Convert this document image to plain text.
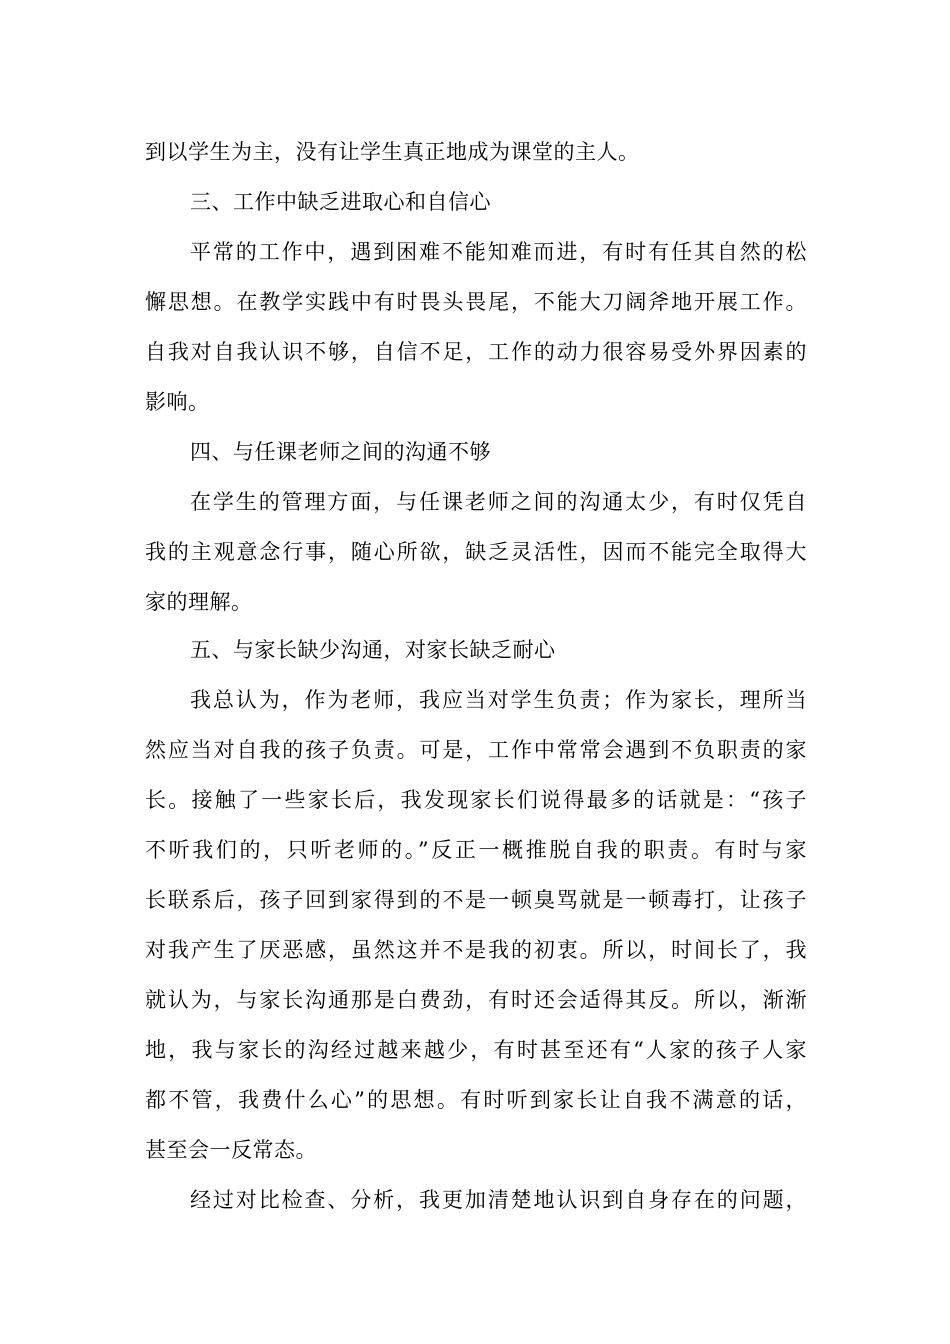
到以学生为主，没有让学生真正地成为课堂的主人。
三、工作中缺乏进取心和自信心
平常的工作中，遇到困难不能知难而进，有时有任其自然的松
懈思想。在教学实践中有时畏头畏尾，不能大刀阔斧地开展工作。
自我对自我认识不够，自信不足，工作的动力很容易受外界因素的
影响。
四、与任课老师之间的沟通不够
在学生的管理方面，与任课老师之间的沟通太少，有时仅凭自
我的主观意念行事，随心所欲，缺乏灵活性，因而不能完全取得大
家的理解。
五、与家长缺少沟通，对家长缺乏耐心
我总认为，作为老师，我应当对学生负责；作为家长，理所当
然应当对自我的孩子负责。可是，工作中常常会遇到不负职责的家
长。接触了一些家长后，我发现家长们说得最多的话就是：“孩子
不听我们的，只听老师的。”反正一概推脱自我的职责。有时与家
长联系后，孩子回到家得到的不是一顿臭骂就是一顿毒打，让孩子
对我产生了厌恶感，虽然这并不是我的初衷。所以，时间长了，我
就认为，与家长沟通那是白费劲，有时还会适得其反。所以，渐渐
地，我与家长的沟经过越来越少，有时甚至还有“人家的孩子人家
都不管，我费什么心”的思想。有时听到家长让自我不满意的话，
甚至会一反常态。
经过对比检查、分析，我更加清楚地认识到自身存在的问题，
